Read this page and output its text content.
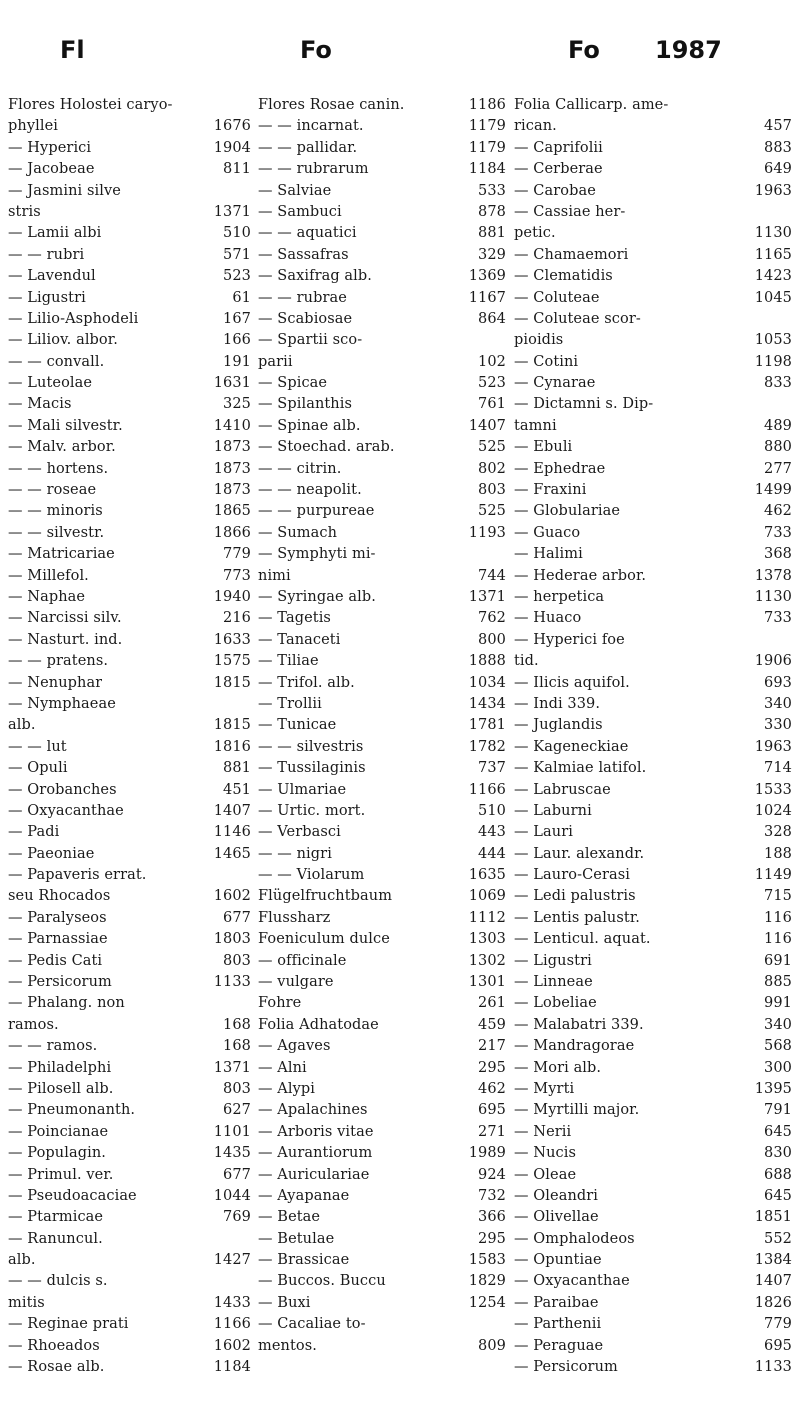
Fl	Fo	Fo 1987
Flores Holostei caryo-
phyllei	1676
— Hyperici	1904
— Jacobeae	811
— Jasmini silve
stris	1371
— Lamii albi	510
— — rubri	571
— Lavendul	523
— Ligustri	61
— Lilio-Asphodeli	167
— Liliov. albor.	166
— — convall.	191
— Luteolae	1631
— Macis	325
— Mali silvestr.	1410
— Malv. arbor.	1873
— — hortens.	1873
— — roseae	1873
— — minoris	1865
— — silvestr.	1866
— Matricariae	779
— Millefol.	773
— Naphae	1940
— Narcissi silv.	216
— Nasturt. ind.	1633
— — pratens.	1575
— Nenuphar	1815
— Nymphaeae
alb.	1815
— — lut	1816
— Opuli	881
— Orobanches	451
— Oxyacanthae	1407
— Padi	1146
— Paeoniae	1465
— Papaveris errat.
seu Rhocados	1602
— Paralyseos	677
— Parnassiae	1803
— Pedis Cati	803
— Persicorum	1133
— Phalang. non
ramos.	168
— — ramos.	168
— Philadelphi	1371
— Pilosell alb.	803
— Pneumonanth.	627
— Poincianae	1101
— Populagin.	1435
— Primul. ver.	677
— Pseudoacaciae	1044
— Ptarmicae	769
— Ranuncul.
alb.	1427
— — dulcis s.
mitis	1433
— Reginae prati	1166
— Rhoeados	1602
— Rosae alb.	1184
Flores Rosae canin.	1186
— — incarnat.	1179
— — pallidar.	1179
— — rubrarum	1184
— Salviae	533
— Sambuci	878
— — aquatici	881
— Sassafras	329
— Saxifrag alb.	1369
— — rubrae	1167
— Scabiosae	864
— Spartii sco-
parii	102
— Spicae	523
— Spilanthis	761
— Spinae alb.	1407
— Stoechad. arab.	525
— — citrin.	802
— — neapolit.	803
— — purpureae	525
— Sumach	1193
— Symphyti mi-
nimi	744
— Syringae alb.	1371
— Tagetis	762
— Tanaceti	800
— Tiliae	1888
— Trifol. alb.	1034
— Trollii	1434
— Tunicae	1781
— — silvestris	1782
— Tussilaginis	737
— Ulmariae	1166
— Urtic. mort.	510
— Verbasci	443
— — nigri	444
— — Violarum	1635
Flügelfruchtbaum	1069
Flussharz	1112
Foeniculum dulce	1303
— officinale	1302
— vulgare	1301
Fohre	261
Folia Adhatodae	459
— Agaves	217
— Alni	295
— Alypi	462
— Apalachines	695
— Arboris vitae	271
— Aurantiorum	1989
— Auriculariae	924
— Ayapanae	732
— Betae	366
— Betulae	295
— Brassicae	1583
— Buccos. Buccu	1829
— Buxi	1254
— Cacaliae to-
mentos.	809
Folia Callicarp. ame-
rican.	457
— Caprifolii	883
— Cerberae	649
— Carobae	1963
— Cassiae her-
petic.	1130
— Chamaemori	1165
— Clematidis	1423
— Coluteae	1045
— Coluteae scor-
pioidis	1053
— Cotini	1198
— Cynarae	833
— Dictamni s. Dip-
tamni	489
— Ebuli	880
— Ephedrae	277
— Fraxini	1499
— Globulariae	462
— Guaco	733
— Halimi	368
— Hederae arbor.	1378
— herpetica	1130
— Huaco	733
— Hyperici foe
tid.	1906
— Ilicis aquifol.	693
— Indi 339.	340
— Juglandis	330
— Kageneckiae	1963
— Kalmiae latifol.	714
— Labruscae	1533
— Laburni	1024
— Lauri	328
— Laur. alexandr.	188
— Lauro-Cerasi	1149
— Ledi palustris	715
— Lentis palustr.	116
— Lenticul. aquat.	116
— Ligustri	691
— Linneae	885
— Lobeliae	991
— Malabatri 339.	340
— Mandragorae	568
— Mori alb.	300
— Myrti	1395
— Myrtilli major.	791
— Nerii	645
— Nucis	830
— Oleae	688
— Oleandri	645
— Olivellae	1851
— Omphalodeos	552
— Opuntiae	1384
— Oxyacanthae	1407
— Paraibae	1826
— Parthenii	779
— Peraguae	695
— Persicorum	1133
